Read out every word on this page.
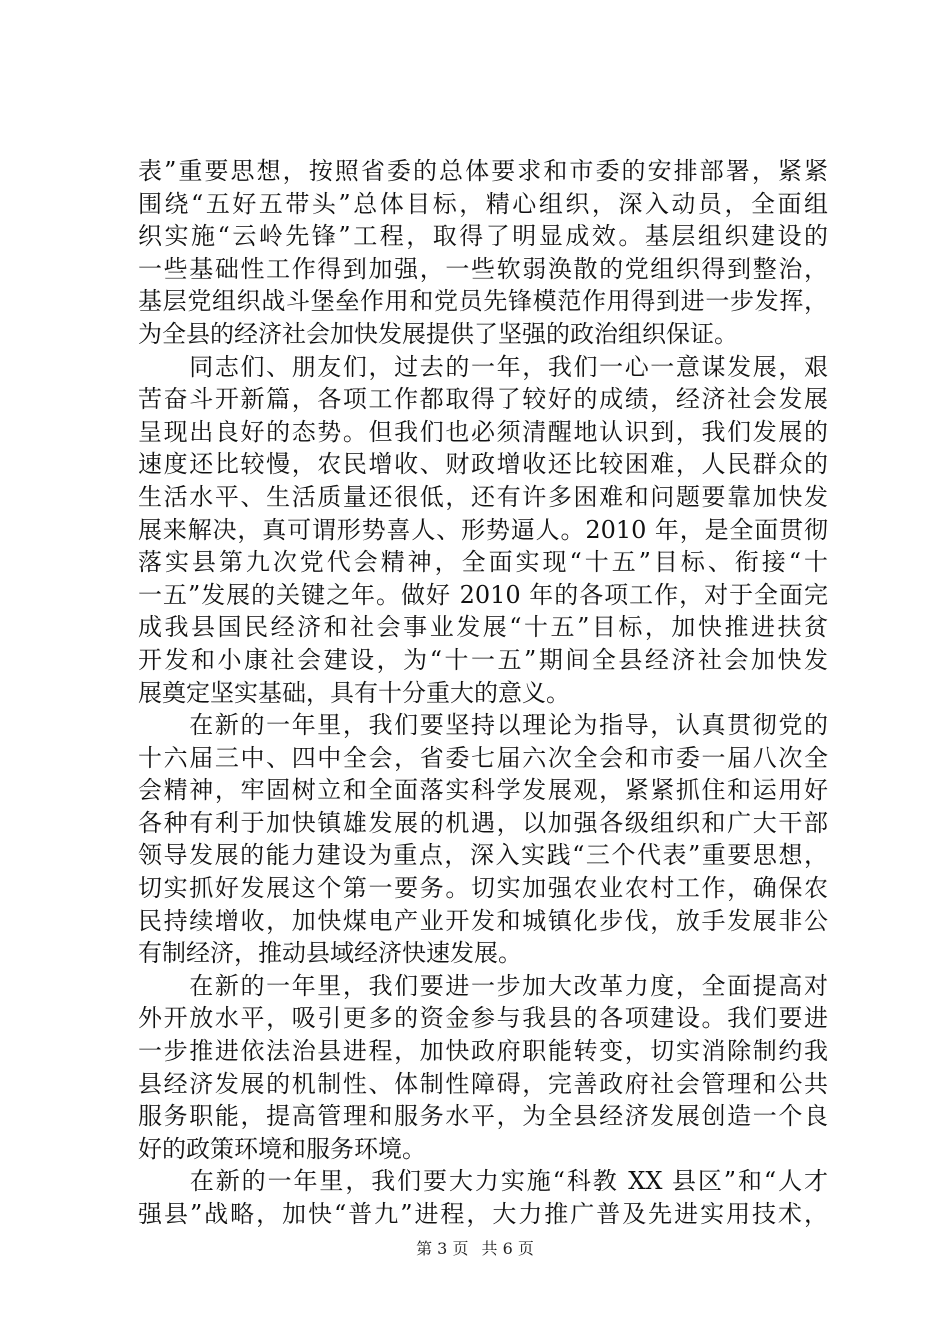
表”重要思想，按照省委的总体要求和市委的安排部署，紧紧
围绕“五好五带头”总体目标，精心组织，深入动员，全面组
织实施“云岭先锋”工程，取得了明显成效。基层组织建设的
一些基础性工作得到加强，一些软弱涣散的党组织得到整治，
基层党组织战斗堡垒作用和党员先锋模范作用得到进一步发挥，
为全县的经济社会加快发展提供了坚强的政治组织保证。
　　同志们、朋友们，过去的一年，我们一心一意谋发展，艰
苦奋斗开新篇，各项工作都取得了较好的成绩，经济社会发展
呈现出良好的态势。但我们也必须清醒地认识到，我们发展的
速度还比较慢，农民增收、财政增收还比较困难，人民群众的
生活水平、生活质量还很低，还有许多困难和问题要靠加快发
展来解决，真可谓形势喜人、形势逼人。2010 年，是全面贯彻
落实县第九次党代会精神，全面实现“十五”目标、衔接“十
一五”发展的关键之年。做好 2010 年的各项工作，对于全面完
成我县国民经济和社会事业发展“十五”目标，加快推进扶贫
开发和小康社会建设，为“十一五”期间全县经济社会加快发
展奠定坚实基础，具有十分重大的意义。
　　在新的一年里，我们要坚持以理论为指导，认真贯彻党的
十六届三中、四中全会，省委七届六次全会和市委一届八次全
会精神，牢固树立和全面落实科学发展观，紧紧抓住和运用好
各种有利于加快镇雄发展的机遇，以加强各级组织和广大干部
领导发展的能力建设为重点，深入实践“三个代表”重要思想，
切实抓好发展这个第一要务。切实加强农业农村工作，确保农
民持续增收，加快煤电产业开发和城镇化步伐，放手发展非公
有制经济，推动县域经济快速发展。
　　在新的一年里，我们要进一步加大改革力度，全面提高对
外开放水平，吸引更多的资金参与我县的各项建设。我们要进
一步推进依法治县进程，加快政府职能转变，切实消除制约我
县经济发展的机制性、体制性障碍，完善政府社会管理和公共
服务职能，提高管理和服务水平，为全县经济发展创造一个良
好的政策环境和服务环境。
　　在新的一年里，我们要大力实施“科教 XX 县区”和“人才
强县”战略，加快“普九”进程，大力推广普及先进实用技术，
第 3 页 共 6 页
